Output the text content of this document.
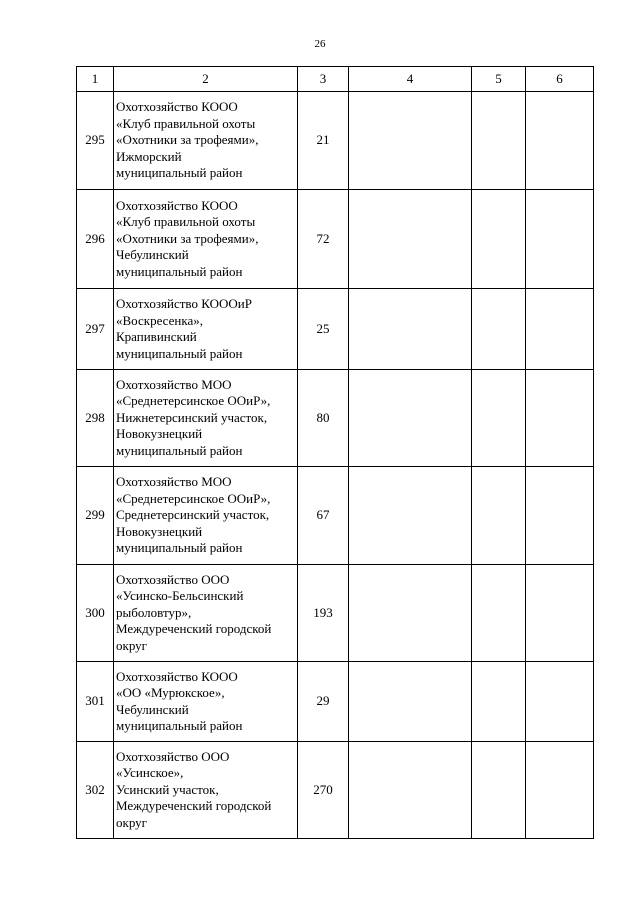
26
1	2	3	4	5	6
295	Охотхозяйство КООО
«Клуб правильной охоты
«Охотники за трофеями»,
Ижморский
муниципальный район	21			
296	Охотхозяйство КООО
«Клуб правильной охоты
«Охотники за трофеями»,
Чебулинский
муниципальный район	72			
297	Охотхозяйство КОООиР
«Воскресенка»,
Крапивинский
муниципальный район	25			
298	Охотхозяйство МОО
«Среднетерсинское ООиР»,
Нижнетерсинский участок,
Новокузнецкий
муниципальный район	80			
299	Охотхозяйство МОО
«Среднетерсинское ООиР»,
Среднетерсинский участок,
Новокузнецкий
муниципальный район	67			
300	Охотхозяйство ООО
«Усинско-Бельсинский
рыболовтур»,
Междуреченский городской
округ	193			
301	Охотхозяйство КООО
«ОО «Мурюкское»,
Чебулинский
муниципальный район	29			
302	Охотхозяйство ООО
«Усинское»,
Усинский участок,
Междуреченский городской
округ	270			
